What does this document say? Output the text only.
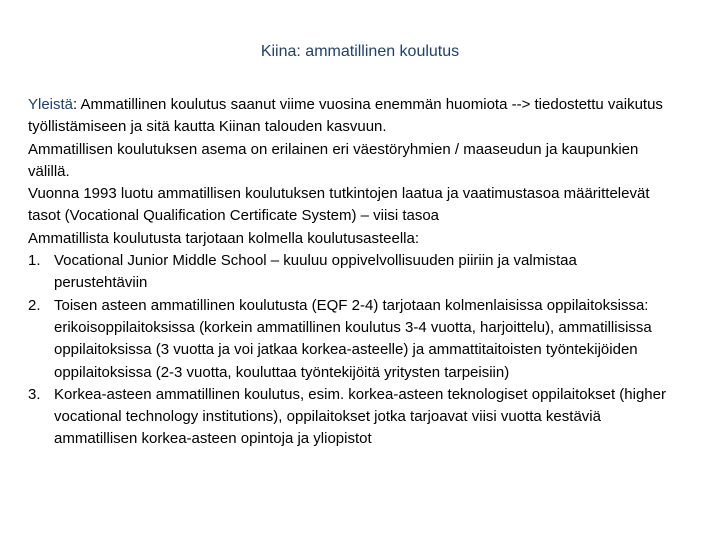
Kiina: ammatillinen koulutus

Yleistä: Ammatillinen koulutus saanut viime vuosina enemmän huomiota --> tiedostettu vaikutus työllistämiseen ja sitä kautta Kiinan talouden kasvuun.

Ammatillisen koulutuksen asema on erilainen eri väestöryhmien / maaseudun ja kaupunkien välillä.

Vuonna 1993 luotu ammatillisen koulutuksen tutkintojen laatua ja vaatimustasoa määrittelevät tasot (Vocational Qualification Certificate System) – viisi tasoa

Ammatillista koulutusta tarjotaan kolmella koulutusasteella:

1. Vocational Junior Middle School – kuuluu oppivelvollisuuden piiriin ja valmistaa perustehtäviin
2. Toisen asteen ammatillinen koulutusta (EQF 2-4) tarjotaan kolmenlaisissa oppilaitoksissa: erikoisoppilaitoksissa (korkein ammatillinen koulutus 3-4 vuotta, harjoittelu), ammatillisissa oppilaitoksissa (3 vuotta ja voi jatkaa korkea-asteelle) ja ammattitaitoisten työntekijöiden oppilaitoksissa (2-3 vuotta, kouluttaa työntekijöitä yritysten tarpeisiin)
3. Korkea-asteen ammatillinen koulutus, esim. korkea-asteen teknologiset oppilaitokset (higher vocational technology institutions), oppilaitokset jotka tarjoavat viisi vuotta kestäviä ammatillisen korkea-asteen opintoja ja yliopistot
